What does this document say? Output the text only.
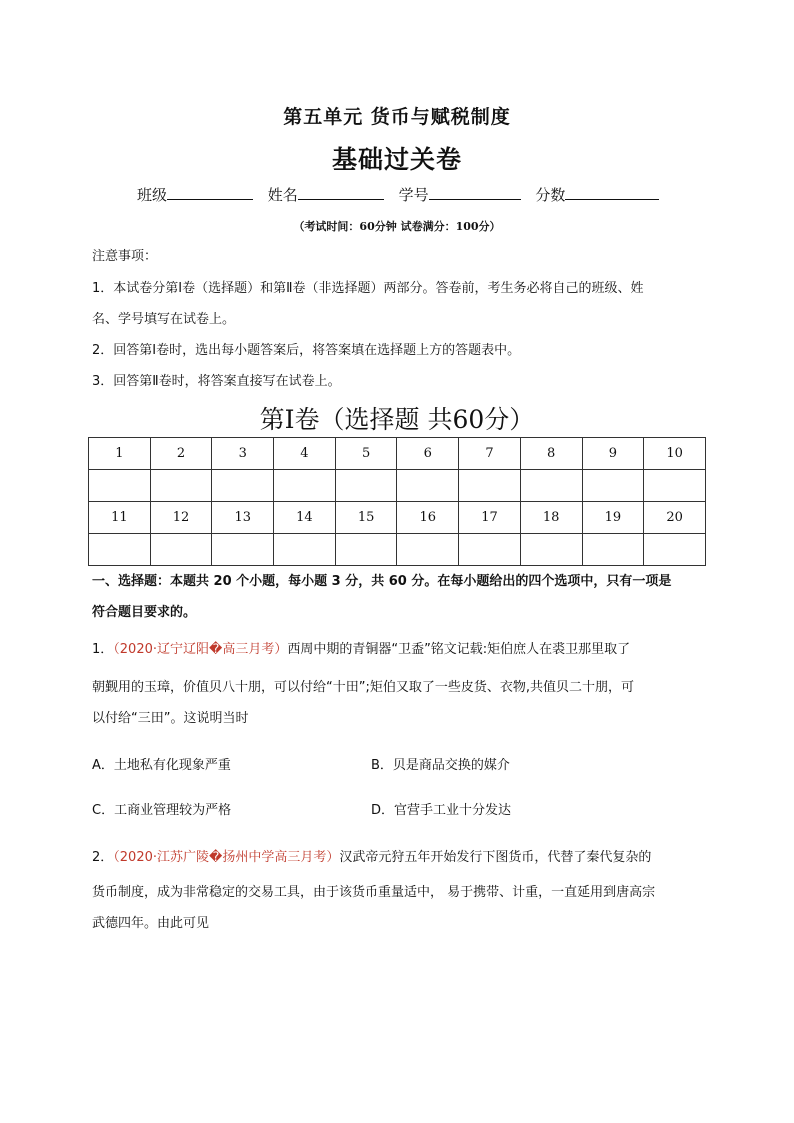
第五单元 货币与赋税制度
基础过关卷
班级	姓名	学号	分数
（考试时间：60分钟 试卷满分：100分）
注意事项：
1．本试卷分第Ⅰ卷（选择题）和第Ⅱ卷（非选择题）两部分。答卷前，考生务必将自己的班级、姓
名、学号填写在试卷上。
2．回答第Ⅰ卷时，选出每小题答案后，将答案填在选择题上方的答题表中。
3．回答第Ⅱ卷时，将答案直接写在试卷上。
第Ⅰ卷（选择题 共60分）
1	2	3	4	5	6	7	8	9	10

11	12	13	14	15	16	17	18	19	20

一、选择题：本题共 20 个小题，每小题 3 分，共 60 分。在每小题给出的四个选项中，只有一项是
符合题目要求的。
1．（2020·辽宁辽阳�高三月考）西周中期的青铜器“卫盉”铭文记载:矩伯庶人在裘卫那里取了
朝觐用的玉璋，价值贝八十朋，可以付给“十田”;矩伯又取了一些皮货、衣物,共值贝二十朋，可
以付给“三田”。这说明当时
A．土地私有化现象严重	B．贝是商品交换的媒介
C．工商业管理较为严格	D．官营手工业十分发达
2．（2020·江苏广陵�扬州中学高三月考）汉武帝元狩五年开始发行下图货币，代替了秦代复杂的
货币制度，成为非常稳定的交易工具，由于该货币重量适中， 易于携带、计重，一直延用到唐高宗
武德四年。由此可见
